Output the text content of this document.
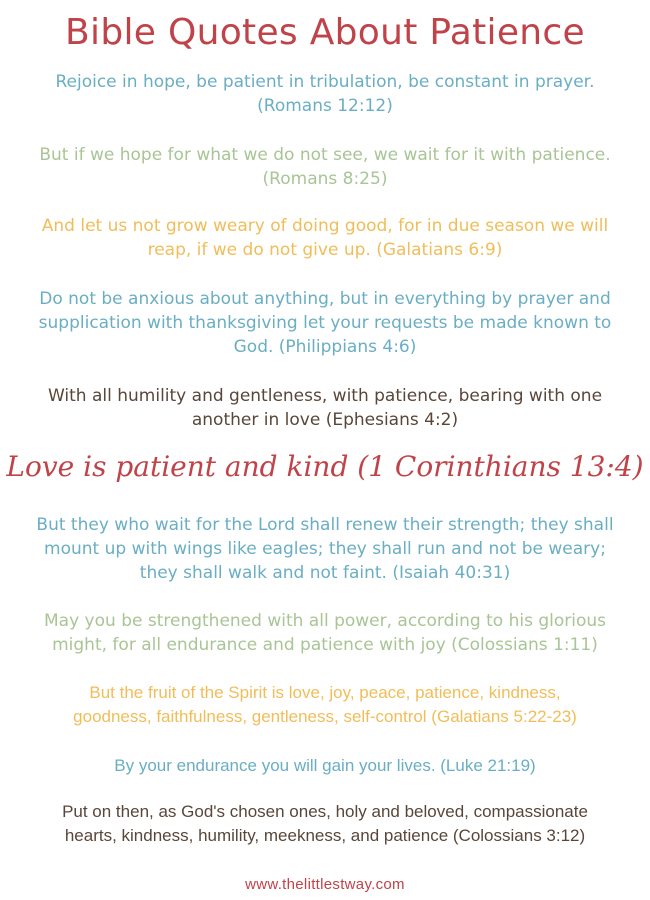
Bible Quotes About Patience
Rejoice in hope, be patient in tribulation, be constant in prayer.
(Romans 12:12)
But if we hope for what we do not see, we wait for it with patience.
(Romans 8:25)
And let us not grow weary of doing good, for in due season we will
reap, if we do not give up. (Galatians 6:9)
Do not be anxious about anything, but in everything by prayer and
supplication with thanksgiving let your requests be made known to
God. (Philippians 4:6)
With all humility and gentleness, with patience, bearing with one
another in love (Ephesians 4:2)
Love is patient and kind (1 Corinthians 13:4)
But they who wait for the Lord shall renew their strength; they shall
mount up with wings like eagles; they shall run and not be weary;
they shall walk and not faint. (Isaiah 40:31)
May you be strengthened with all power, according to his glorious
might, for all endurance and patience with joy (Colossians 1:11)
But the fruit of the Spirit is love, joy, peace, patience, kindness,
goodness, faithfulness, gentleness, self-control (Galatians 5:22-23)
By your endurance you will gain your lives. (Luke 21:19)
Put on then, as God's chosen ones, holy and beloved, compassionate
hearts, kindness, humility, meekness, and patience (Colossians 3:12)
www.thelittlestway.com
